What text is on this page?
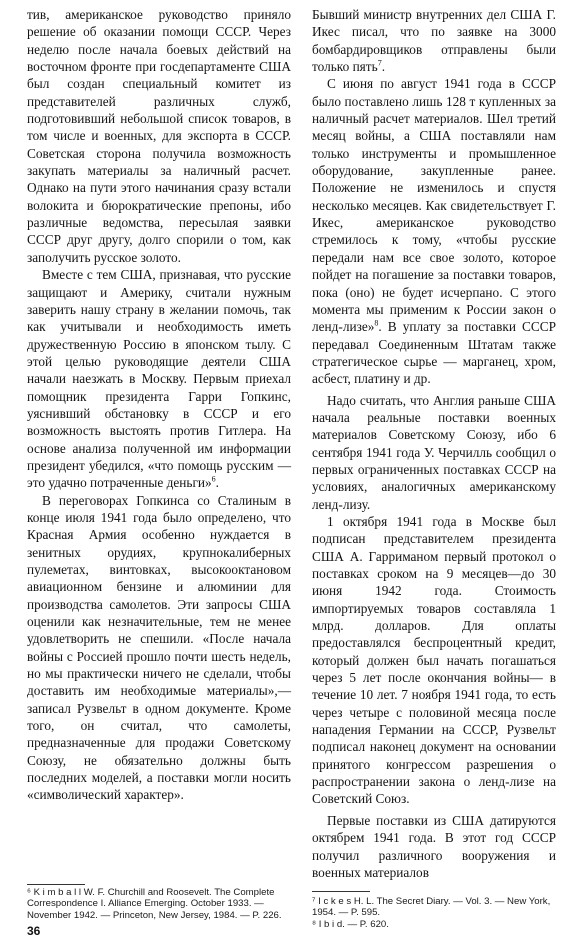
тив, американское руководство приняло решение об оказании помощи СССР. Через неделю после начала боевых действий на восточном фронте при госдепартаменте США был создан специальный комитет из представителей различных служб, подготовивший небольшой список товаров, в том числе и военных, для экспорта в СССР. Советская сторона получила возможность закупать материалы за наличный расчет. Однако на пути этого начинания сразу встали волокита и бюрократические препоны, ибо различные ведомства, пересылая заявки СССР друг другу, долго спорили о том, как заполучить русское золото.

Вместе с тем США, признавая, что русские защищают и Америку, считали нужным заверить нашу страну в желании помочь, так как учитывали и необходимость иметь дружественную Россию в японском тылу. С этой целью руководящие деятели США начали наезжать в Москву. Первым приехал помощник президента Гарри Гопкинс, уяснивший обстановку в СССР и его возможность выстоять против Гитлера. На основе анализа полученной им информации президент убедился, «что помощь русским — это удачно потраченные деньги»$^6$.

В переговорах Гопкинса со Сталиным в конце июля 1941 года было определено, что Красная Армия особенно нуждается в зенитных орудиях, крупнокалиберных пулеметах, винтовках, высокооктановом авиационном бензине и алюминии для производства самолетов. Эти запросы США оценили как незначительные, тем не менее удовлетворить не спешили. «После начала войны с Россией прошло почти шесть недель, но мы практически ничего не сделали, чтобы доставить им необходимые материалы»,— записал Рузвельт в одном документе. Кроме того, он считал, что самолеты, предназначенные для продажи Советскому Союзу, не обязательно должны быть последних моделей, а поставки могли носить «символический характер».

⁶ K i m b a l l W. F. Churchill and Roosevelt. The Complete Correspondence I. Alliance Emerging. October 1933. — November 1942. — Princeton, New Jersey, 1984. — P. 226.

Бывший министр внутренних дел США Г. Икес писал, что по заявке на 3000 бомбардировщиков отправлены были только пять$^7$.

С июня по август 1941 года в СССР было поставлено лишь 128 т купленных за наличный расчет материалов. Шел третий месяц войны, а США поставляли нам только инструменты и промышленное оборудование, закупленные ранее. Положение не изменилось и спустя несколько месяцев. Как свидетельствует Г. Икес, американское руководство стремилось к тому, «чтобы русские передали нам все свое золото, которое пойдет на погашение за поставки товаров, пока (оно) не будет исчерпано. С этого момента мы применим к России закон о ленд-лизе»$^8$. В уплату за поставки СССР передавал Соединенным Штатам также стратегическое сырье — марганец, хром, асбест, платину и др.

Надо считать, что Англия раньше США начала реальные поставки военных материалов Советскому Союзу, ибо 6 сентября 1941 года У. Черчилль сообщил о первых ограниченных поставках СССР на условиях, аналогичных американскому ленд-лизу.

1 октября 1941 года в Москве был подписан представителем президента США А. Гарриманом первый протокол о поставках сроком на 9 месяцев—до 30 июня 1942 года. Стоимость импортируемых товаров составляла 1 млрд. долларов. Для оплаты предоставлялся беспроцентный кредит, который должен был начать погашаться через 5 лет после окончания войны— в течение 10 лет. 7 ноября 1941 года, то есть через четыре с половиной месяца после нападения Германии на СССР, Рузвельт подписал наконец документ на основании принятого конгрессом разрешения о распространении закона о ленд-лизе на Советский Союз.

Первые поставки из США датируются октябрем 1941 года. В этот год СССР получил различного вооружения и военных материалов

⁷ I c k e s H. L. The Secret Diary. — Vol. 3. — New York, 1954. — P. 595.

⁸ I b i d. — P. 620.

36
